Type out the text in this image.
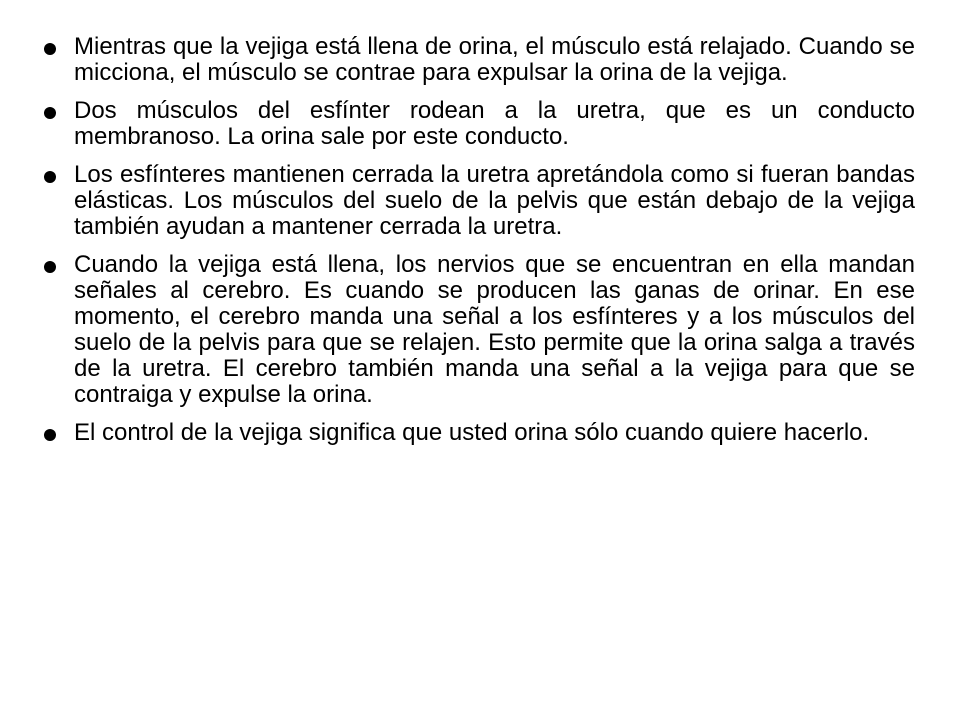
Mientras que la vejiga está llena de orina, el músculo está relajado. Cuando se micciona, el músculo se contrae para expulsar la orina de la vejiga.
Dos músculos del esfínter rodean a la uretra, que es un conducto membranoso. La orina sale por este conducto.
Los esfínteres mantienen cerrada la uretra apretándola como si fueran bandas elásticas. Los músculos del suelo de la pelvis que están debajo de la vejiga también ayudan a mantener cerrada la uretra.
Cuando la vejiga está llena, los nervios que se encuentran en ella mandan señales al cerebro. Es cuando se producen las ganas de orinar. En ese momento, el cerebro manda una señal a los esfínteres y a los músculos del suelo de la pelvis para que se relajen. Esto permite que la orina salga a través de la uretra. El cerebro también manda una señal a la vejiga para que se contraiga y expulse la orina.
El control de la vejiga significa que usted orina sólo cuando quiere hacerlo.
